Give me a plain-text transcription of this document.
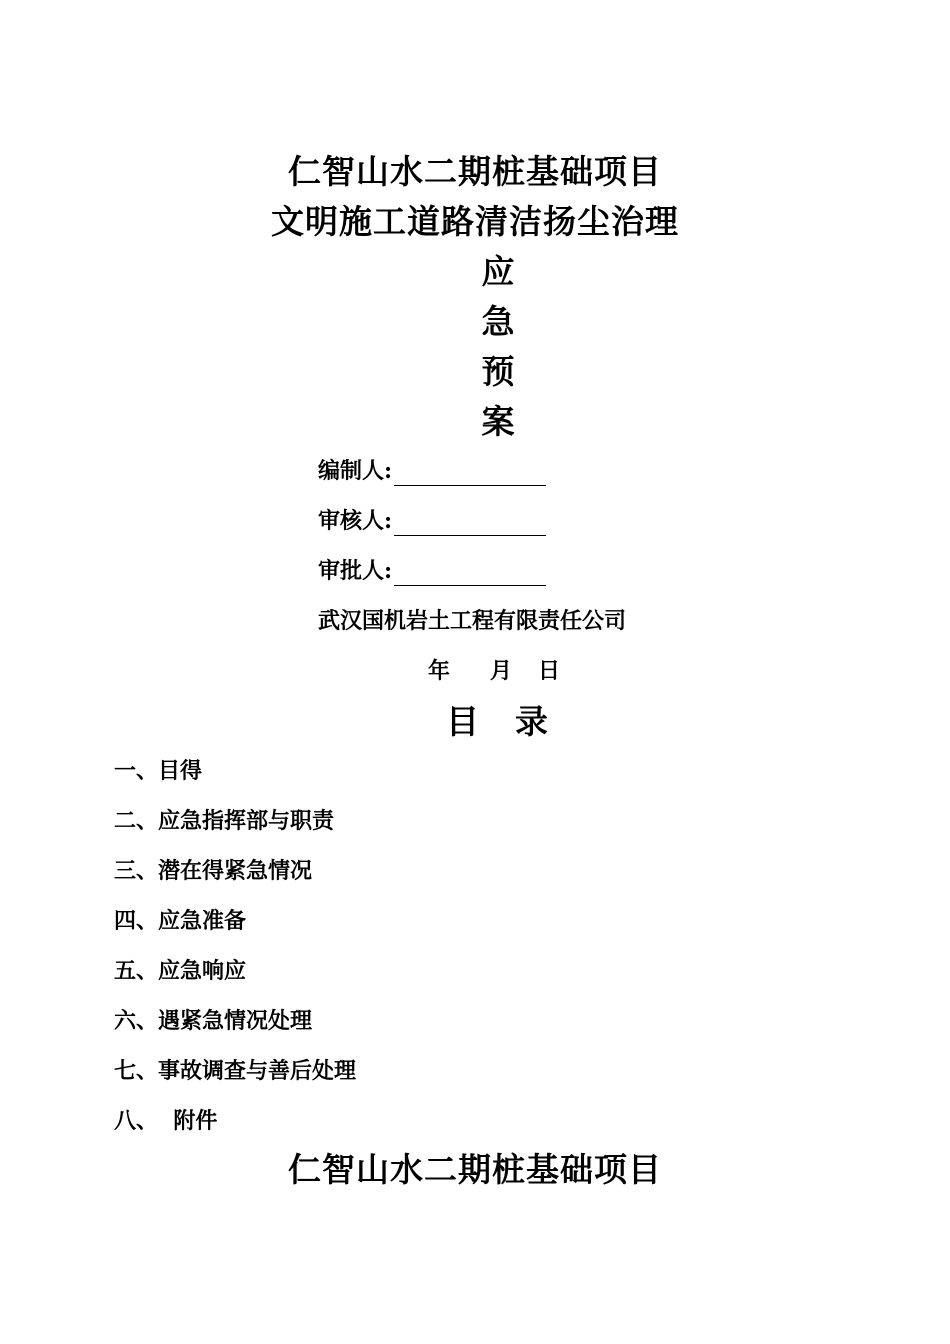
仁智山水二期桩基础项目
文明施工道路清洁扬尘治理
应
急
预
案
编制人:
审核人:
审批人:
武汉国机岩土工程有限责任公司
年 月 日
目 录
一、目得
二、应急指挥部与职责
三、潜在得紧急情况
四、应急准备
五、应急响应
六、遇紧急情况处理
七、事故调查与善后处理
八、  附件
仁智山水二期桩基础项目
